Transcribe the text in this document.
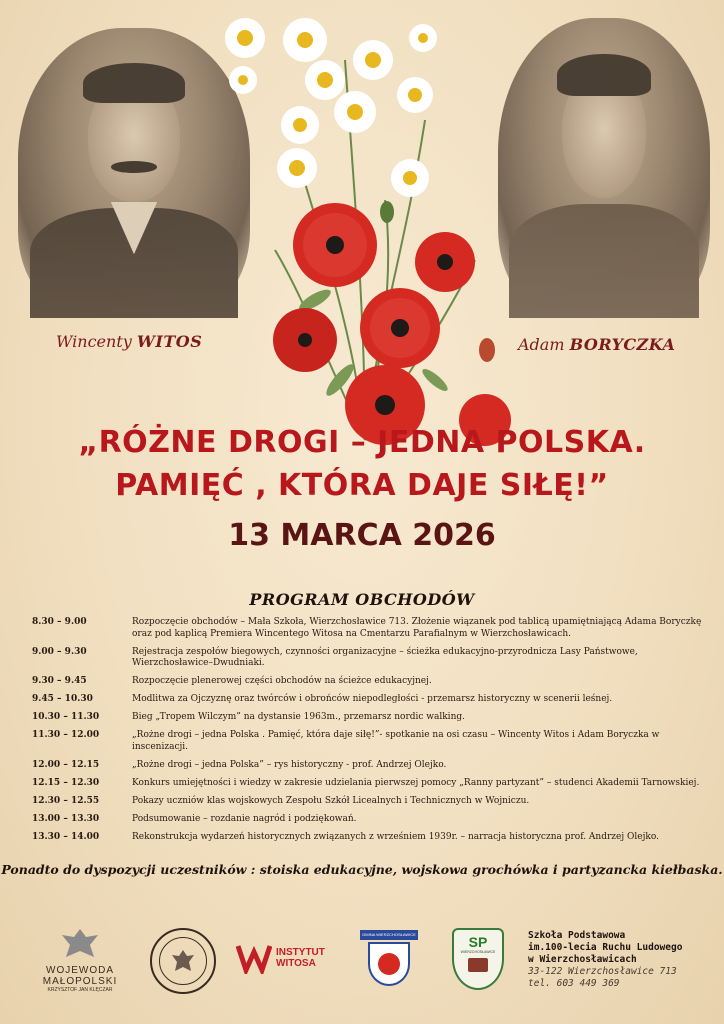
Wincenty WITOS	Adam BORYCZKA
„RÓŻNE DROGI – JEDNA POLSKA.
PAMIĘĆ , KTÓRA DAJE SIŁĘ!”
13 MARCA 2026
PROGRAM OBCHODÓW
8.30 – 9.00	Rozpoczęcie obchodów – Mała Szkoła, Wierzchosławice 713. Złożenie wiązanek pod tablicą upamiętniającą Adama Boryczkę
oraz pod kaplicą Premiera Wincentego Witosa na Cmentarzu Parafialnym w Wierzchosławicach.
9.00 – 9.30	Rejestracja zespołów biegowych, czynności organizacyjne – ścieżka edukacyjno-przyrodnicza Lasy Państwowe,
Wierzchosławice–Dwudniaki.
9.30 – 9.45	Rozpoczęcie plenerowej części obchodów na ścieżce edukacyjnej.
9.45 – 10.30	Modlitwa za Ojczyznę oraz twórców i obrońców niepodległości - przemarsz historyczny w scenerii leśnej.
10.30 – 11.30	Bieg „Tropem Wilczym” na dystansie 1963m., przemarsz nordic walking.
11.30 – 12.00	„Rożne drogi – jedna Polska . Pamięć, która daje siłę!”- spotkanie na osi czasu – Wincenty Witos i Adam Boryczka w inscenizacji.
12.00 – 12.15	„Rożne drogi – jedna Polska” – rys historyczny - prof. Andrzej Olejko.
12.15 – 12.30	Konkurs umiejętności i wiedzy w zakresie udzielania pierwszej pomocy „Ranny partyzant” – studenci Akademii Tarnowskiej.
12.30 – 12.55	Pokazy uczniów klas wojskowych Zespołu Szkół Licealnych i Technicznych w Wojniczu.
13.00 – 13.30	Podsumowanie – rozdanie nagród i podziękowań.
13.30 – 14.00	Rekonstrukcja wydarzeń historycznych związanych z wrześniem 1939r. – narracja historyczna prof. Andrzej Olejko.
Ponadto do dyspozycji uczestników : stoiska edukacyjne, wojskowa grochówka i partyzancka kiełbaska.
WOJEWODA
MAŁOPOLSKI
KRZYSZTOF JAN KLĘCZAR
INSTYTUT
WITOSA
GMINA WIERZCHOSŁAWICE	SP
WIERZCHOSŁAWICE
Szkoła Podstawowa
im.100-lecia Ruchu Ludowego
w Wierzchosławicach
33-122 Wierzchosławice 713
tel. 603 449 369
